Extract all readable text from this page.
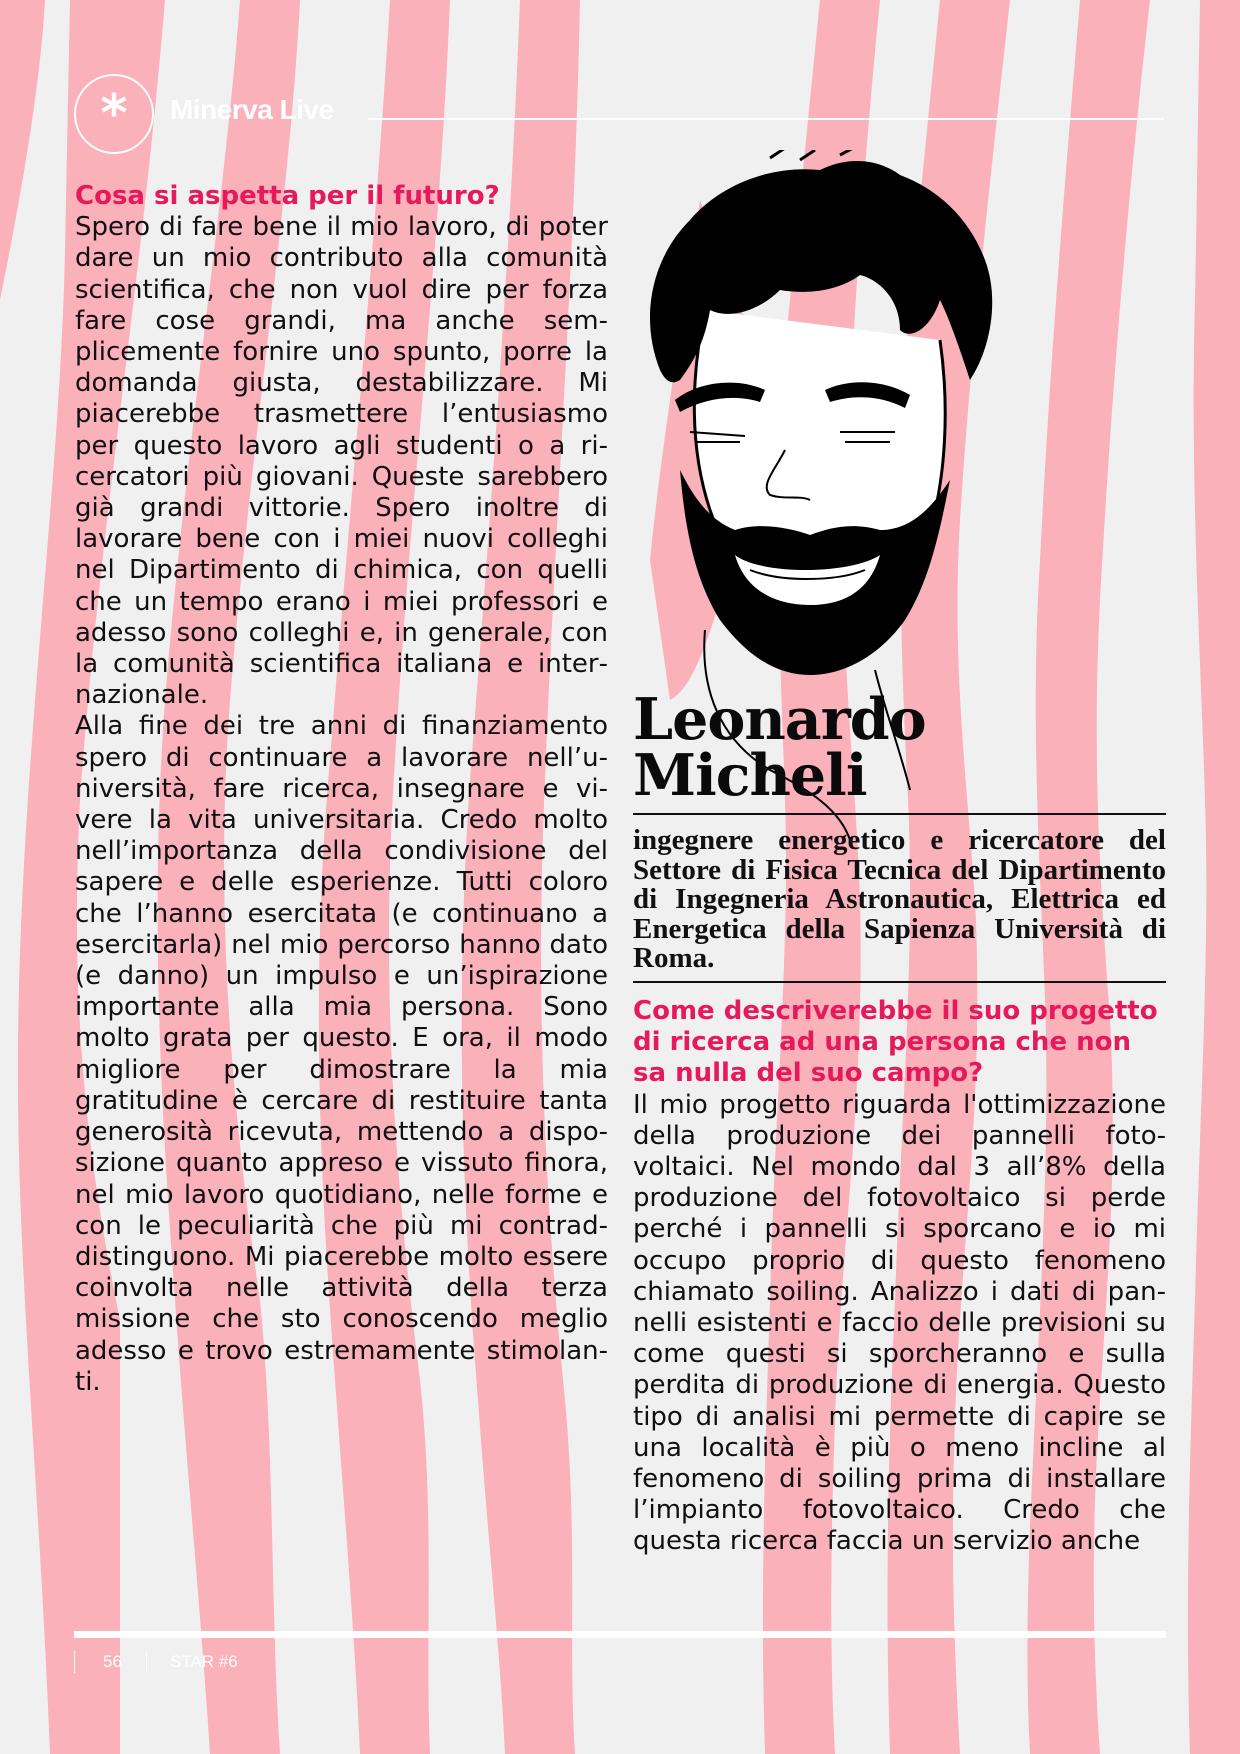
*	Minerva Live

Cosa si aspetta per il futuro?

Spero di fare bene il mio lavoro, di poter dare un mio contributo alla comunità scientifica, che non vuol dire per forza fare cose grandi, ma anche semplicemente fornire uno spunto, porre la domanda giusta, destabilizzare. Mi piacerebbe trasmettere l’entusiasmo per questo lavoro agli studenti o a ricercatori più giovani. Queste sarebbero già grandi vittorie. Spero inoltre di lavorare bene con i miei nuovi colleghi nel Dipartimento di chimica, con quelli che un tempo erano i miei professori e adesso sono colleghi e, in generale, con la comunità scientifica italiana e internazionale.

Alla fine dei tre anni di finanziamento spero di continuare a lavorare nell’università, fare ricerca, insegnare e vivere la vita universitaria. Credo molto nell’importanza della condivisione del sapere e delle esperienze. Tutti coloro che l’hanno esercitata (e continuano a esercitarla) nel mio percorso hanno dato (e danno) un impulso e un’ispirazione importante alla mia persona. Sono molto grata per questo. E ora, il modo migliore per dimostrare la mia gratitudine è cercare di restituire tanta generosità ricevuta, mettendo a disposizione quanto appreso e vissuto finora, nel mio lavoro quotidiano, nelle forme e con le peculiarità che più mi contraddistinguono. Mi piacerebbe molto essere coinvolta nelle attività della terza missione che sto conoscendo meglio adesso e trovo estremamente stimolanti.

Leonardo
Micheli
ingegnere energetico e ricercatore del Settore di Fisica Tecnica del Dipartimento di Ingegneria Astronautica, Elettrica ed Energetica della Sapienza Università di Roma.

Come descriverebbe il suo progetto di ricerca ad una persona che non sa nulla del suo campo?

Il mio progetto riguarda l'ottimizzazione della produzione dei pannelli fotovoltaici. Nel mondo dal 3 all’8% della produzione del fotovoltaico si perde perché i pannelli si sporcano e io mi occupo proprio di questo fenomeno chiamato soiling. Analizzo i dati di pannelli esistenti e faccio delle previsioni su come questi si sporcheranno e sulla perdita di produzione di energia. Questo tipo di analisi mi permette di capire se una località è più o meno incline al fenomeno di soiling prima di installare l’impianto fotovoltaico. Credo che questa ricerca faccia un servizio anche

56	STAR #6
